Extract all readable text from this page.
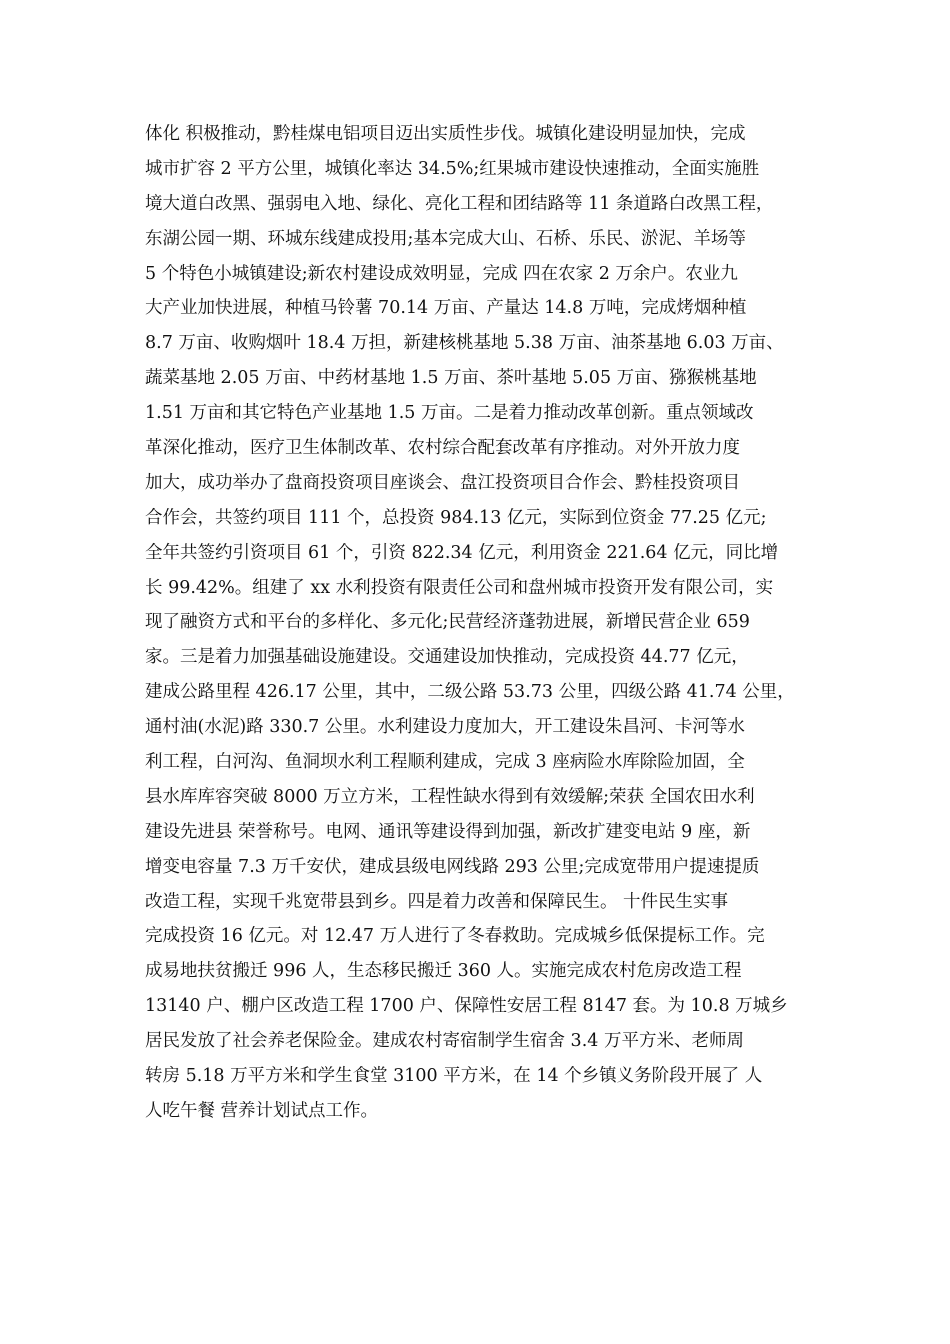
体化 积极推动，黔桂煤电铝项目迈出实质性步伐。城镇化建设明显加快，完成
城市扩容 2 平方公里，城镇化率达 34.5%;红果城市建设快速推动，全面实施胜
境大道白改黑、强弱电入地、绿化、亮化工程和团结路等 11 条道路白改黑工程，
东湖公园一期、环城东线建成投用;基本完成大山、石桥、乐民、淤泥、羊场等
5 个特色小城镇建设;新农村建设成效明显，完成 四在农家 2 万余户。农业九
大产业加快进展，种植马铃薯 70.14 万亩、产量达 14.8 万吨，完成烤烟种植
8.7 万亩、收购烟叶 18.4 万担，新建核桃基地 5.38 万亩、油茶基地 6.03 万亩、
蔬菜基地 2.05 万亩、中药材基地 1.5 万亩、茶叶基地 5.05 万亩、猕猴桃基地
1.51 万亩和其它特色产业基地 1.5 万亩。二是着力推动改革创新。重点领域改
革深化推动，医疗卫生体制改革、农村综合配套改革有序推动。对外开放力度
加大，成功举办了盘商投资项目座谈会、盘江投资项目合作会、黔桂投资项目
合作会，共签约项目 111 个，总投资 984.13 亿元，实际到位资金 77.25 亿元;
全年共签约引资项目 61 个，引资 822.34 亿元，利用资金 221.64 亿元，同比增
长 99.42%。组建了 xx 水利投资有限责任公司和盘州城市投资开发有限公司，实
现了融资方式和平台的多样化、多元化;民营经济蓬勃进展，新增民营企业 659
家。三是着力加强基础设施建设。交通建设加快推动，完成投资 44.77 亿元，
建成公路里程 426.17 公里，其中，二级公路 53.73 公里，四级公路 41.74 公里，
通村油(水泥)路 330.7 公里。水利建设力度加大，开工建设朱昌河、卡河等水
利工程，白河沟、鱼洞坝水利工程顺利建成，完成 3 座病险水库除险加固，全
县水库库容突破 8000 万立方米，工程性缺水得到有效缓解;荣获 全国农田水利
建设先进县 荣誉称号。电网、通讯等建设得到加强，新改扩建变电站 9 座，新
增变电容量 7.3 万千安伏，建成县级电网线路 293 公里;完成宽带用户提速提质
改造工程，实现千兆宽带县到乡。四是着力改善和保障民生。 十件民生实事
完成投资 16 亿元。对 12.47 万人进行了冬春救助。完成城乡低保提标工作。完
成易地扶贫搬迁 996 人，生态移民搬迁 360 人。实施完成农村危房改造工程
13140 户、棚户区改造工程 1700 户、保障性安居工程 8147 套。为 10.8 万城乡
居民发放了社会养老保险金。建成农村寄宿制学生宿舍 3.4 万平方米、老师周
转房 5.18 万平方米和学生食堂 3100 平方米，在 14 个乡镇义务阶段开展了 人
人吃午餐 营养计划试点工作。
